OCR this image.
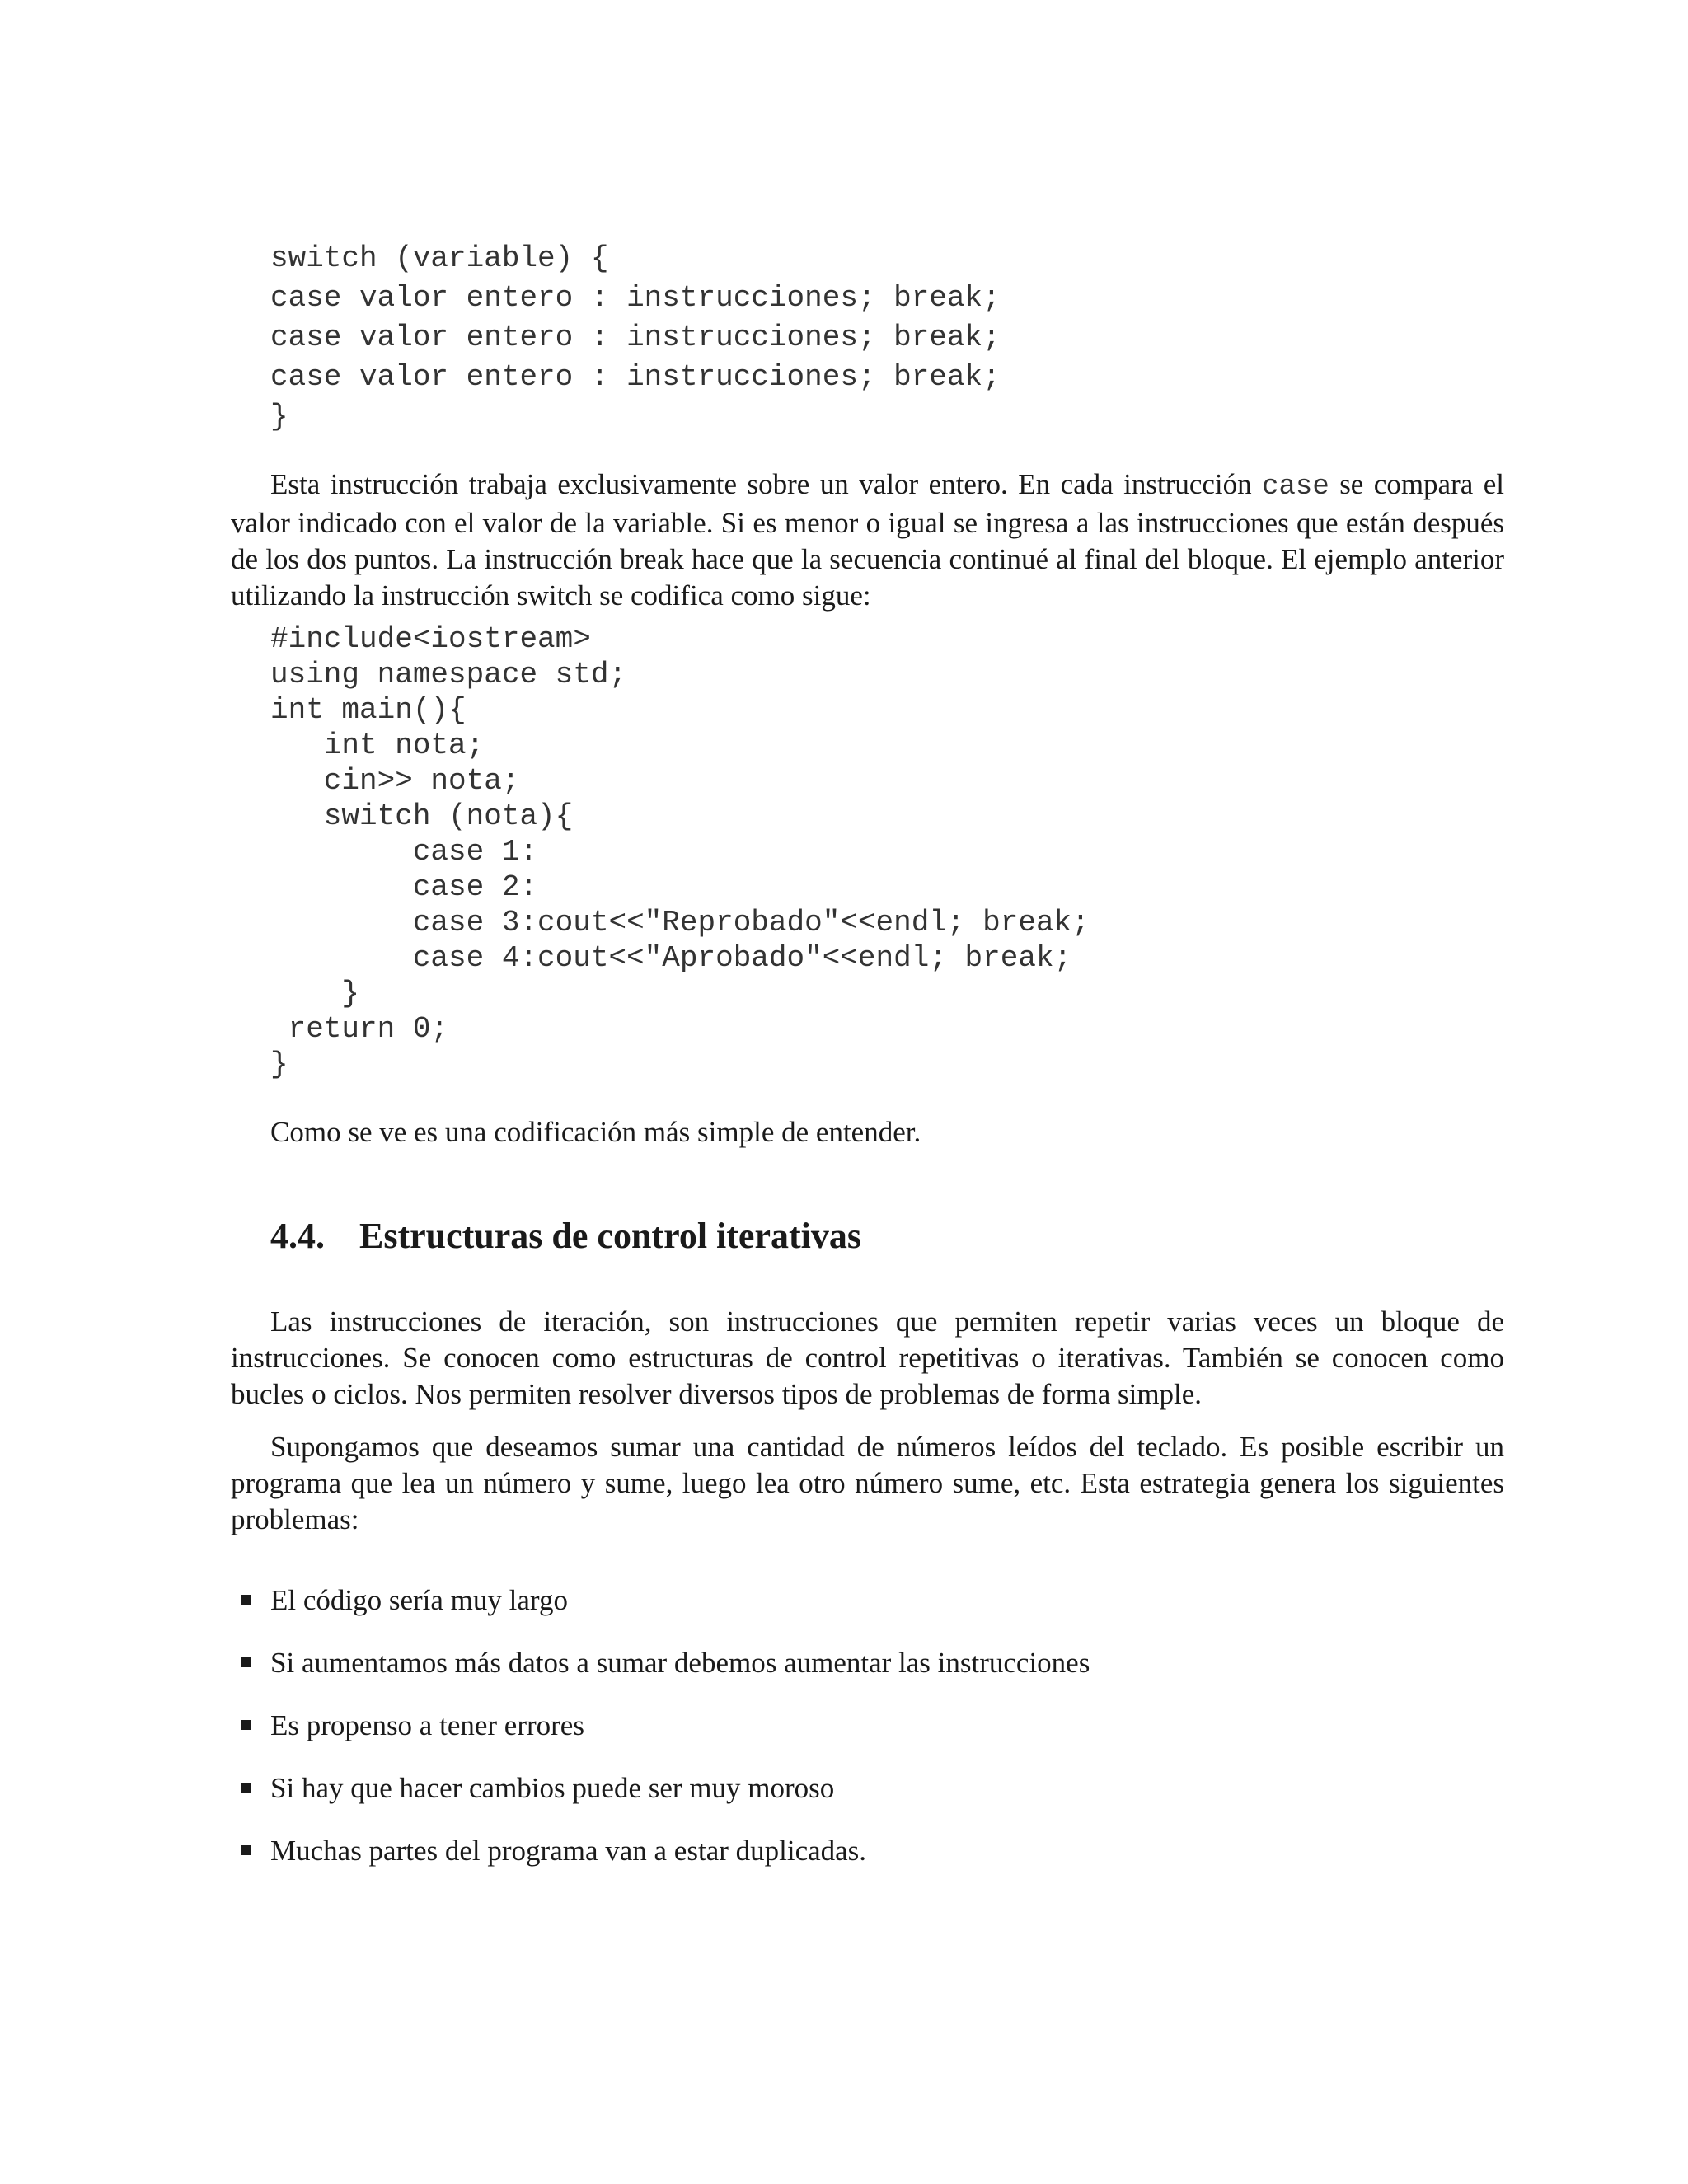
switch (variable) {
case valor entero : instrucciones; break;
case valor entero : instrucciones; break;
case valor entero : instrucciones; break;
}

Esta instrucción trabaja exclusivamente sobre un valor entero. En cada instrucción case se compara el valor indicado con el valor de la variable. Si es menor o igual se ingresa a las instrucciones que están después de los dos puntos. La instrucción break hace que la secuencia continué al final del bloque. El ejemplo anterior utilizando la instrucción switch se codifica como sigue:

#include<iostream>
using namespace std;
int main(){
int nota;
cin>> nota;
switch (nota){
case 1:
case 2:
case 3:cout<<"Reprobado"<<endl; break;
case 4:cout<<"Aprobado"<<endl; break;
}
return 0;
}

Como se ve es una codificación más simple de entender.

4.4. Estructuras de control iterativas

Las instrucciones de iteración, son instrucciones que permiten repetir varias veces un bloque de instrucciones. Se conocen como estructuras de control repetitivas o iterativas. También se conocen como bucles o ciclos. Nos permiten resolver diversos tipos de problemas de forma simple.

Supongamos que deseamos sumar una cantidad de números leídos del teclado. Es posible escribir un programa que lea un número y sume, luego lea otro número sume, etc. Esta estrategia genera los siguientes problemas:

El código sería muy largo
Si aumentamos más datos a sumar debemos aumentar las instrucciones
Es propenso a tener errores
Si hay que hacer cambios puede ser muy moroso
Muchas partes del programa van a estar duplicadas.
